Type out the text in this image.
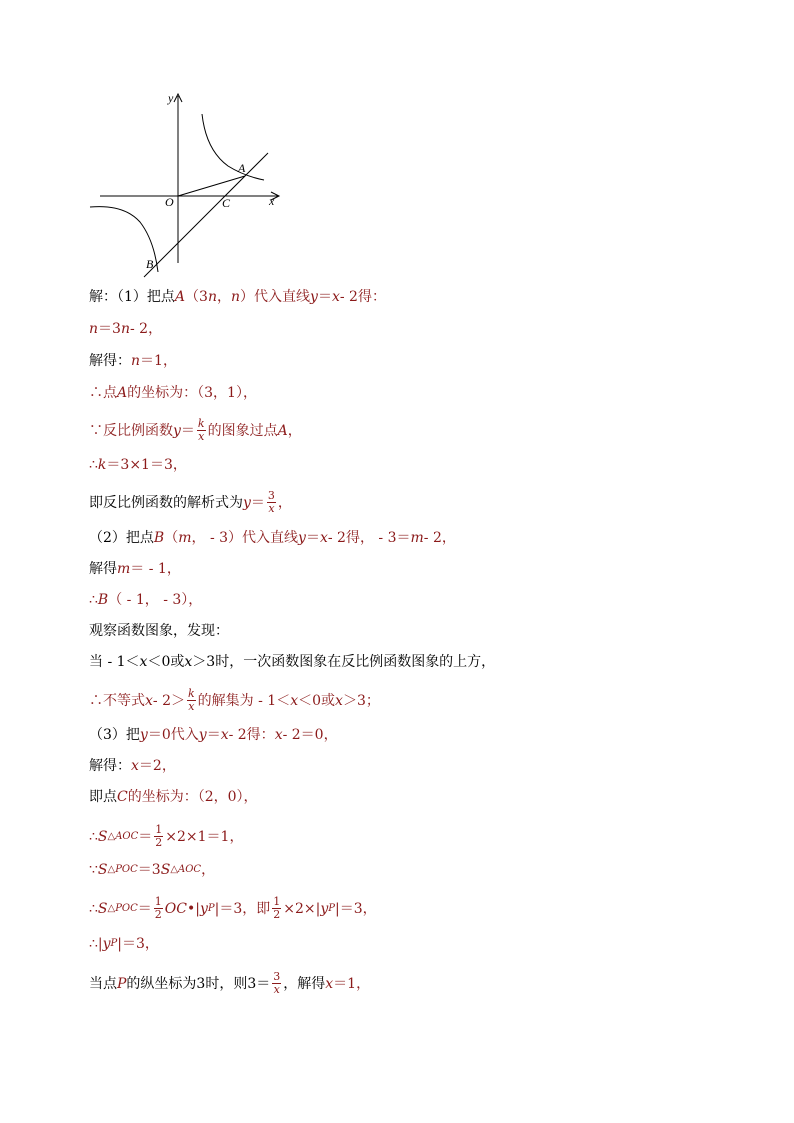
y
x
O
A
B
C
解：（1）把点 A （3 n ， n ）代入直线 y ＝ x - 2得：
n ＝3 n - 2，
解得： n ＝1，
∴点 A 的坐标为：（3，1），
∵反比例函数 $y = \frac{k}{x}$ 的图象过点 A ，
∴ k ＝3×1＝3，
即反比例函数的解析式为 $y = \frac{3}{x}$ ，
（2）把点 B （ m ， - 3）代入直线 y ＝ x - 2得， - 3＝ m - 2，
解得 m ＝ - 1，
∴ B （ - 1， - 3），
观察函数图象，发现：
当 - 1＜ x ＜0或 x ＞3时，一次函数图象在反比例函数图象的上方，
∴不等式 $x - 2> \frac{k}{x}$ 的解集为 - 1＜ x ＜0或 x ＞3；
（3）把 y ＝0代入 y ＝ x - 2得： x - 2＝0，
解得： x ＝2，
即点 C 的坐标为：（2，0），
∴ S △AOC ＝ $\frac{1}{2} \times 2\times 1=1$，
∵ S △POC ＝3 S △AOC ，
∴ S △POC ＝ $\frac{1}{2}$ OC •| y P |＝3，即 $\frac{1}{2} \times 2\times|$ y P |＝3，
∴| y P |＝3，
当点 P 的纵坐标为3时，则$3= \frac{3}{x}$ ，解得 x ＝1，
